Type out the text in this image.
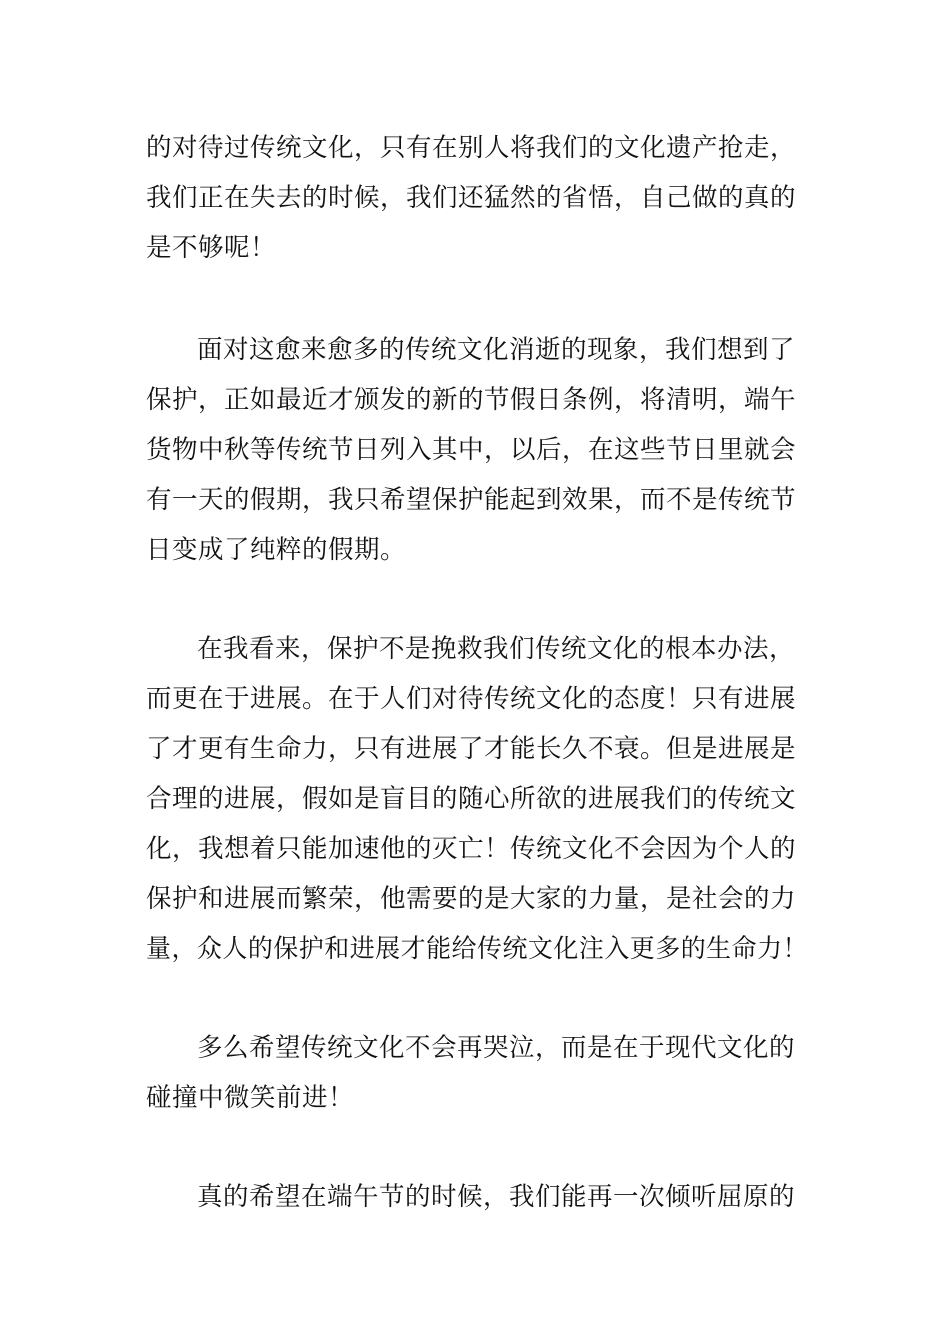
的对待过传统文化，只有在别人将我们的文化遗产抢走，
我们正在失去的时候，我们还猛然的省悟，自己做的真的
是不够呢！
面对这愈来愈多的传统文化消逝的现象，我们想到了
保护，正如最近才颁发的新的节假日条例，将清明，端午
货物中秋等传统节日列入其中，以后，在这些节日里就会
有一天的假期，我只希望保护能起到效果，而不是传统节
日变成了纯粹的假期。
在我看来，保护不是挽救我们传统文化的根本办法，
而更在于进展。在于人们对待传统文化的态度！只有进展
了才更有生命力，只有进展了才能长久不衰。但是进展是
合理的进展，假如是盲目的随心所欲的进展我们的传统文
化，我想着只能加速他的灭亡！传统文化不会因为个人的
保护和进展而繁荣，他需要的是大家的力量，是社会的力
量，众人的保护和进展才能给传统文化注入更多的生命力！
多么希望传统文化不会再哭泣，而是在于现代文化的
碰撞中微笑前进！
真的希望在端午节的时候，我们能再一次倾听屈原的
